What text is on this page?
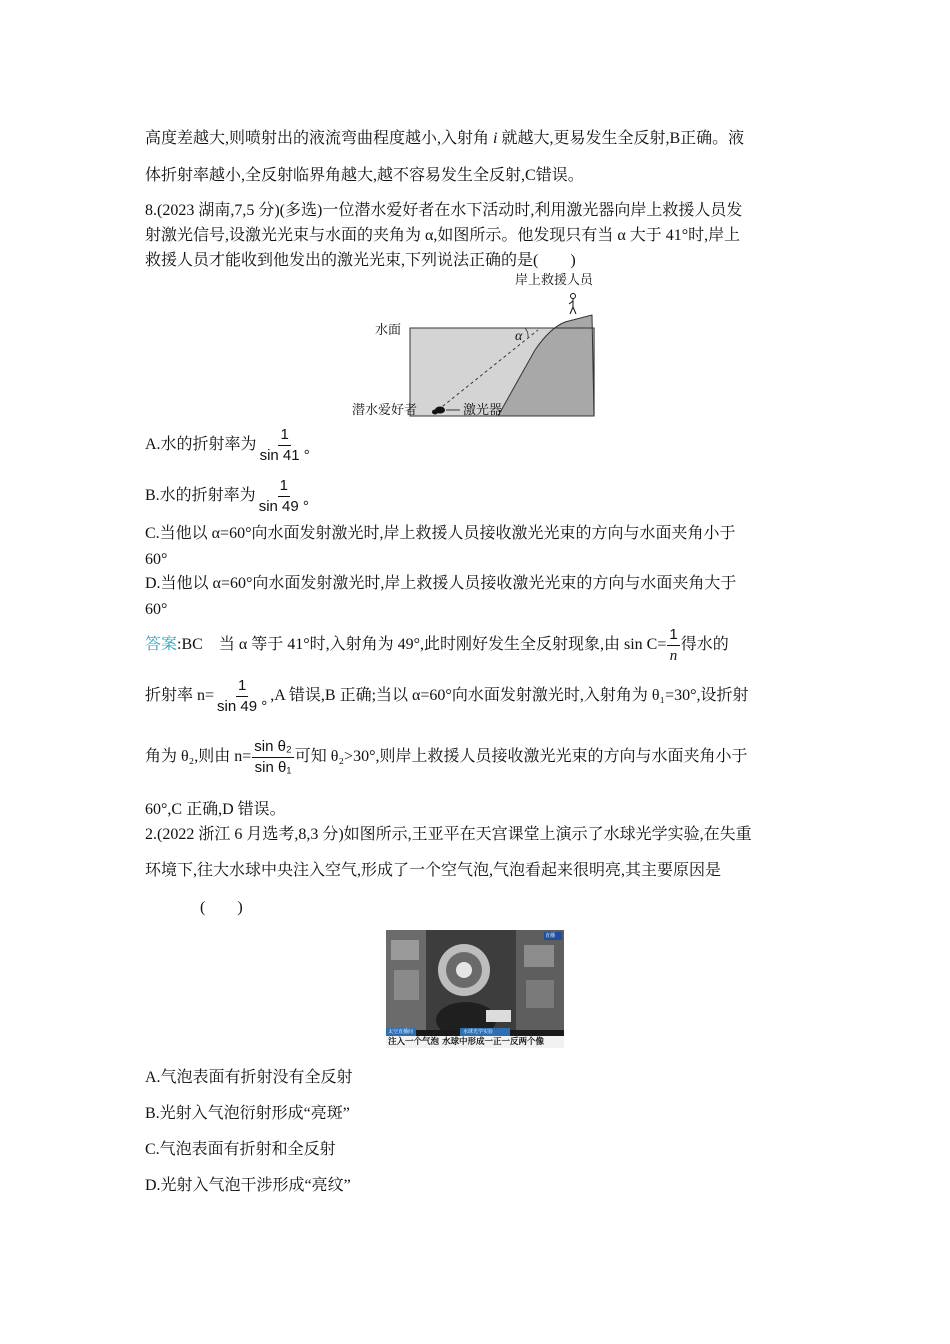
高度差越大,则喷射出的液流弯曲程度越小,入射角 i 就越大,更易发生全反射,B正确。液
体折射率越小,全反射临界角越大,越不容易发生全反射,C错误。
8.(2023 湖南,7,5 分)(多选)一位潜水爱好者在水下活动时,利用激光器向岸上救援人员发
射激光信号,设激光光束与水面的夹角为 α,如图所示。他发现只有当 α 大于 41°时,岸上
救援人员才能收到他发出的激光光束,下列说法正确的是(　　)
α
水面
岸上救援人员
潜水爱好者	激光器
A.水的折射率为 $\frac{1}{\sin 41 ^\circ}$
B.水的折射率为 $\frac{1}{\sin 49 ^\circ}$
C.当他以 α=60°向水面发射激光时,岸上救援人员接收激光光束的方向与水面夹角小于
60°
D.当他以 α=60°向水面发射激光时,岸上救援人员接收激光光束的方向与水面夹角大于
60°
答案:BC　当 α 等于 41°时,入射角为 49°,此时刚好发生全反射现象,由 $\sin C= \frac{1}{n}$ 得水的
折射率 $n= \frac{1}{\sin 49 ^\circ} ,A$ 错误,B 正确;当以 α=60°向水面发射激光时,入射角为 θ₁=30°,设折射
角为 θ₂,则由 $n= \frac{\text{sin θ₂}}{\text{sin θ₁}}$ 可知 θ₂>30°,则岸上救援人员接收激光光束的方向与水面夹角小于
60°,C 正确,D 错误。
2.(2022 浙江 6 月选考,8,3 分)如图所示,王亚平在天宫课堂上演示了水球光学实验,在失重
环境下,往大水球中央注入空气,形成了一个空气泡,气泡看起来很明亮,其主要原因是
(　　)
太空直播间	水球光学实验
注入一个气泡 水球中形成一正一反两个像
直播
A.气泡表面有折射没有全反射
B.光射入气泡衍射形成“亮斑”
C.气泡表面有折射和全反射
D.光射入气泡干涉形成“亮纹”
